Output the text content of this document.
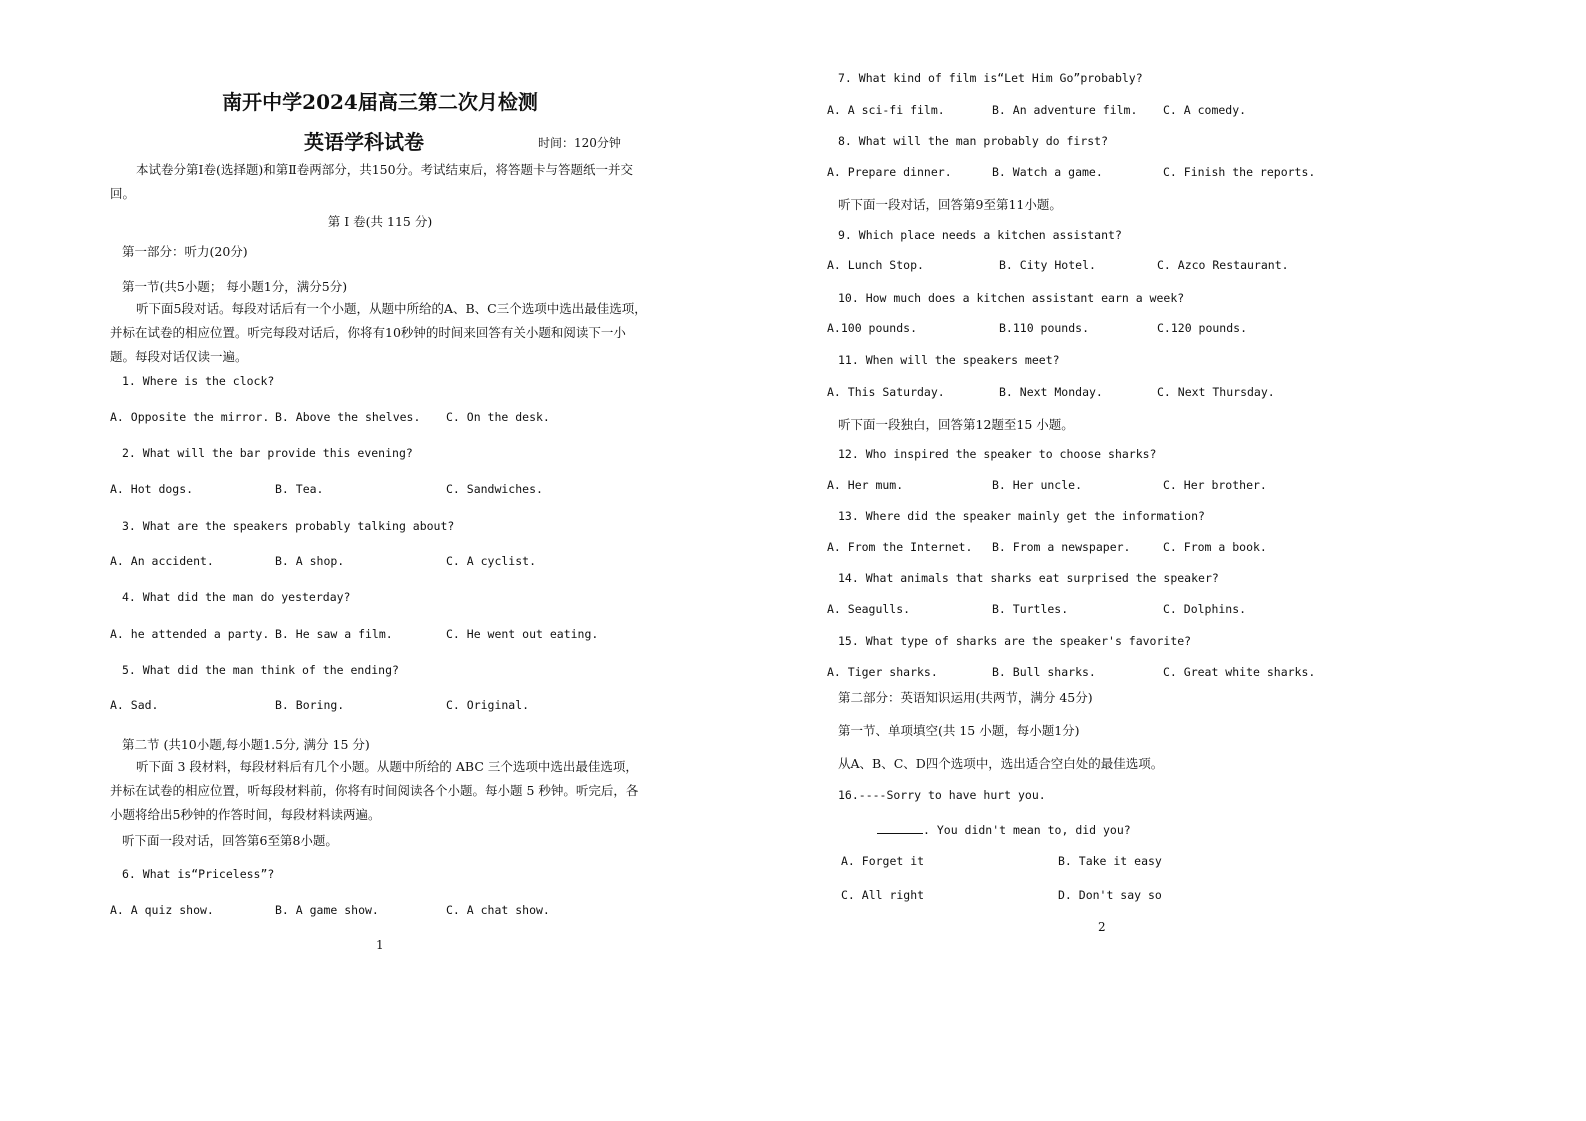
南开中学2024届高三第二次月检测
英语学科试卷	时间：120分钟
本试卷分第Ⅰ卷(选择题)和第Ⅱ卷两部分，共150分。考试结束后，将答题卡与答题纸一并交回。
第 Ⅰ 卷(共 115 分)
第一部分：听力(20分)
第一节(共5小题； 每小题1分，满分5分)
听下面5段对话。每段对话后有一个小题，从题中所给的A、B、C三个选项中选出最佳选项，并标在试卷的相应位置。听完每段对话后，你将有10秒钟的时间来回答有关小题和阅读下一小题。每段对话仅读一遍。
1. Where is the clock?
A. Opposite the mirror. B. Above the shelves. C. On the desk.
2. What will the bar provide this evening?
A. Hot dogs.	B. Tea.	C. Sandwiches.
3. What are the speakers probably talking about?
A. An accident.	B. A shop.	C. A cyclist.
4. What did the man do yesterday?
A. he attended a party. B. He saw a film.	C. He went out eating.
5. What did the man think of the ending?
A. Sad.	B. Boring.	C. Original.
第二节 (共10小题,每小题1.5分, 满分 15 分)
听下面 3 段材料，每段材料后有几个小题。从题中所给的 ABC 三个选项中选出最佳选项，并标在试卷的相应位置，听每段材料前，你将有时间阅读各个小题。每小题 5 秒钟。听完后，各小题将给出5秒钟的作答时间，每段材料读两遍。
听下面一段对话，回答第6至第8小题。
6. What is“Priceless”?
A. A quiz show.	B. A game show.	C. A chat show.
1
7. What kind of film is“Let Him Go”probably?
A. A sci-fi film.	B. An adventure film. C. A comedy.
8. What will the man probably do first?
A. Prepare dinner.	B. Watch a game.	C. Finish the reports.
听下面一段对话，回答第9至第11小题。
9. Which place needs a kitchen assistant?
A. Lunch Stop.	B. City Hotel.	C. Azco Restaurant.
10. How much does a kitchen assistant earn a week?
A.100 pounds.	B.110 pounds.	C.120 pounds.
11. When will the speakers meet?
A. This Saturday.	B. Next Monday.	C. Next Thursday.
听下面一段独白，回答第12题至15 小题。
12. Who inspired the speaker to choose sharks?
A. Her mum.	B. Her uncle.	C. Her brother.
13. Where did the speaker mainly get the information?
A. From the Internet. B. From a newspaper.	C. From a book.
14. What animals that sharks eat surprised the speaker?
A. Seagulls.	B. Turtles.	C. Dolphins.
15. What type of sharks are the speaker's favorite?
A. Tiger sharks.	B. Bull sharks.	C. Great white sharks.
第二部分：英语知识运用(共两节，满分 45分)
第一节、单项填空(共 15 小题，每小题1分)
从A、B、C、D四个选项中，选出适合空白处的最佳选项。
16.----Sorry to have hurt you.
. You didn't mean to, did you?
A. Forget it	B. Take it easy
C. All right	D. Don't say so
2
